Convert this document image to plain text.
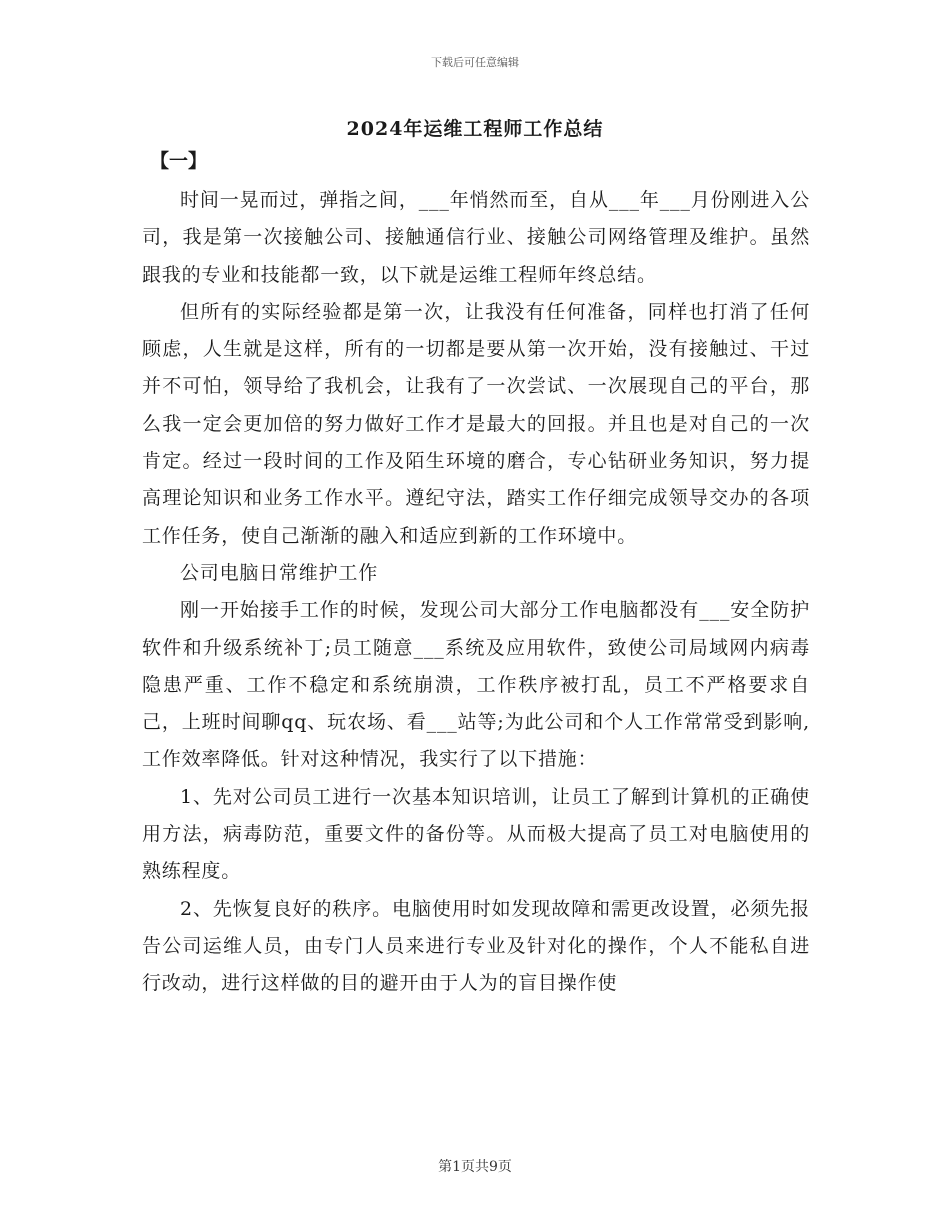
下载后可任意编辑
2024年运维工程师工作总结
【一】

时间一晃而过，弹指之间，___年悄然而至，自从___年___月份刚进入公司，我是第一次接触公司、接触通信行业、接触公司网络管理及维护。虽然跟我的专业和技能都一致，以下就是运维工程师年终总结。

但所有的实际经验都是第一次，让我没有任何准备，同样也打消了任何顾虑，人生就是这样，所有的一切都是要从第一次开始，没有接触过、干过并不可怕，领导给了我机会，让我有了一次尝试、一次展现自己的平台，那么我一定会更加倍的努力做好工作才是最大的回报。并且也是对自己的一次肯定。经过一段时间的工作及陌生环境的磨合，专心钻研业务知识，努力提高理论知识和业务工作水平。遵纪守法，踏实工作仔细完成领导交办的各项工作任务，使自己渐渐的融入和适应到新的工作环境中。

公司电脑日常维护工作

刚一开始接手工作的时候，发现公司大部分工作电脑都没有___安全防护软件和升级系统补丁;员工随意___系统及应用软件，致使公司局域网内病毒隐患严重、工作不稳定和系统崩溃，工作秩序被打乱，员工不严格要求自己，上班时间聊qq、玩农场、看___站等;为此公司和个人工作常常受到影响,工作效率降低。针对这种情况，我实行了以下措施：

1、先对公司员工进行一次基本知识培训，让员工了解到计算机的正确使用方法，病毒防范，重要文件的备份等。从而极大提高了员工对电脑使用的熟练程度。

2、先恢复良好的秩序。电脑使用时如发现故障和需更改设置，必须先报告公司运维人员，由专门人员来进行专业及针对化的操作，个人不能私自进行改动，进行这样做的目的避开由于人为的盲目操作使

第1页共9页
